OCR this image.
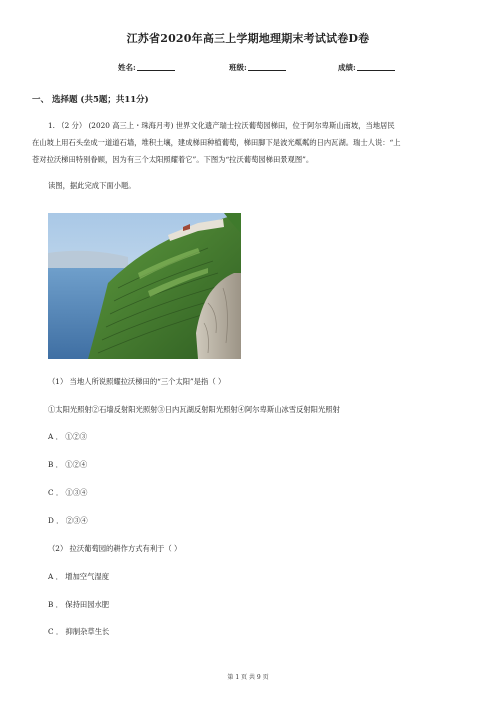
江苏省2020年高三上学期地理期末考试试卷D卷
姓名:	班级:	成绩:
一、 选择题 (共5题；共11分)
1. （2 分） (2020 高三上・珠海月考) 世界文化遗产瑞士拉沃葡萄园梯田，位于阿尔卑斯山南坡，当地居民
在山坡上用石头垒成一道道石墙，堆积土壤，建成梯田种植葡萄，梯田脚下是波光粼粼的日内瓦湖。瑞士人说：“上
苍对拉沃梯田特别眷顾，因为有三个太阳照耀着它”。下图为“拉沃葡萄园梯田景观图”。
读图，据此完成下面小题。
（1） 当地人所说照耀拉沃梯田的“三个太阳”是指（ ）
①太阳光照射②石墙反射阳光照射③日内瓦湖反射阳光照射④阿尔卑斯山冰雪反射阳光照射
A ． ①②③
B ． ①②④
C ． ①③④
D ． ②③④
（2） 拉沃葡萄园的耕作方式有利于（ ）
A ． 增加空气湿度
B ． 保持田园水肥
C ． 抑制杂草生长
第 1 页 共 9 页
